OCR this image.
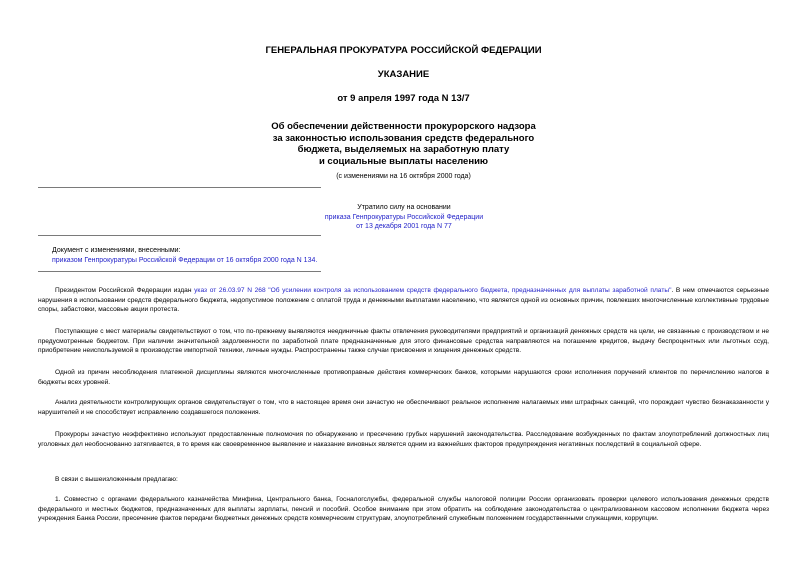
ГЕНЕРАЛЬНАЯ ПРОКУРАТУРА РОССИЙСКОЙ ФЕДЕРАЦИИ
УКАЗАНИЕ
от 9 апреля 1997 года N 13/7
Об обеспечении действенности прокурорского надзора
за законностью использования средств федерального
бюджета, выделяемых на заработную плату
и социальные выплаты населению
(с изменениями на 16 октября 2000 года)
Утратило силу на основании
приказа Генпрокуратуры Российской Федерации
от 13 декабря 2001 года N 77
Документ с изменениями, внесенными:
приказом Генпрокуратуры Российской Федерации от 16 октября 2000 года N 134.
Президентом Российской Федерации издан указ от 26.03.97 N 268 "Об усилении контроля за использованием средств федерального бюджета, предназначенных для выплаты заработной платы". В нем отмечаются серьезные нарушения в использовании средств федерального бюджета, недопустимое положение с оплатой труда и денежными выплатами населению, что является одной из основных причин, повлекших многочисленные коллективные трудовые споры, забастовки, массовые акции протеста.
Поступающие с мест материалы свидетельствуют о том, что по-прежнему выявляются неединичные факты отвлечения руководителями предприятий и организаций денежных средств на цели, не связанные с производством и не предусмотренные бюджетом. При наличии значительной задолженности по заработной плате предназначенные для этого финансовые средства направляются на погашение кредитов, выдачу беспроцентных или льготных ссуд, приобретение неиспользуемой в производстве импортной техники, личные нужды. Распространены также случаи присвоения и хищения денежных средств.
Одной из причин несоблюдения платежной дисциплины являются многочисленные противоправные действия коммерческих банков, которыми нарушаются сроки исполнения поручений клиентов по перечислению налогов в бюджеты всех уровней.
Анализ деятельности контролирующих органов свидетельствует о том, что в настоящее время они зачастую не обеспечивают реальное исполнение налагаемых ими штрафных санкций, что порождает чувство безнаказанности у нарушителей и не способствует исправлению создавшегося положения.
Прокуроры зачастую неэффективно используют предоставленные полномочия по обнаружению и пресечению грубых нарушений законодательства. Расследование возбужденных по фактам злоупотреблений должностных лиц уголовных дел необоснованно затягивается, в то время как своевременное выявление и наказание виновных является одним из важнейших факторов предупреждения негативных последствий в социальной сфере.
В связи с вышеизложенным предлагаю:
1. Совместно с органами федерального казначейства Минфина, Центрального банка, Госналогслужбы, федеральной службы налоговой полиции России организовать проверки целевого использования денежных средств федерального и местных бюджетов, предназначенных для выплаты зарплаты, пенсий и пособий. Особое внимание при этом обратить на соблюдение законодательства о централизованном кассовом исполнении бюджета через учреждения Банка России, пресечение фактов передачи бюджетных денежных средств коммерческим структурам, злоупотреблений служебным положением государственными служащими, коррупции.
